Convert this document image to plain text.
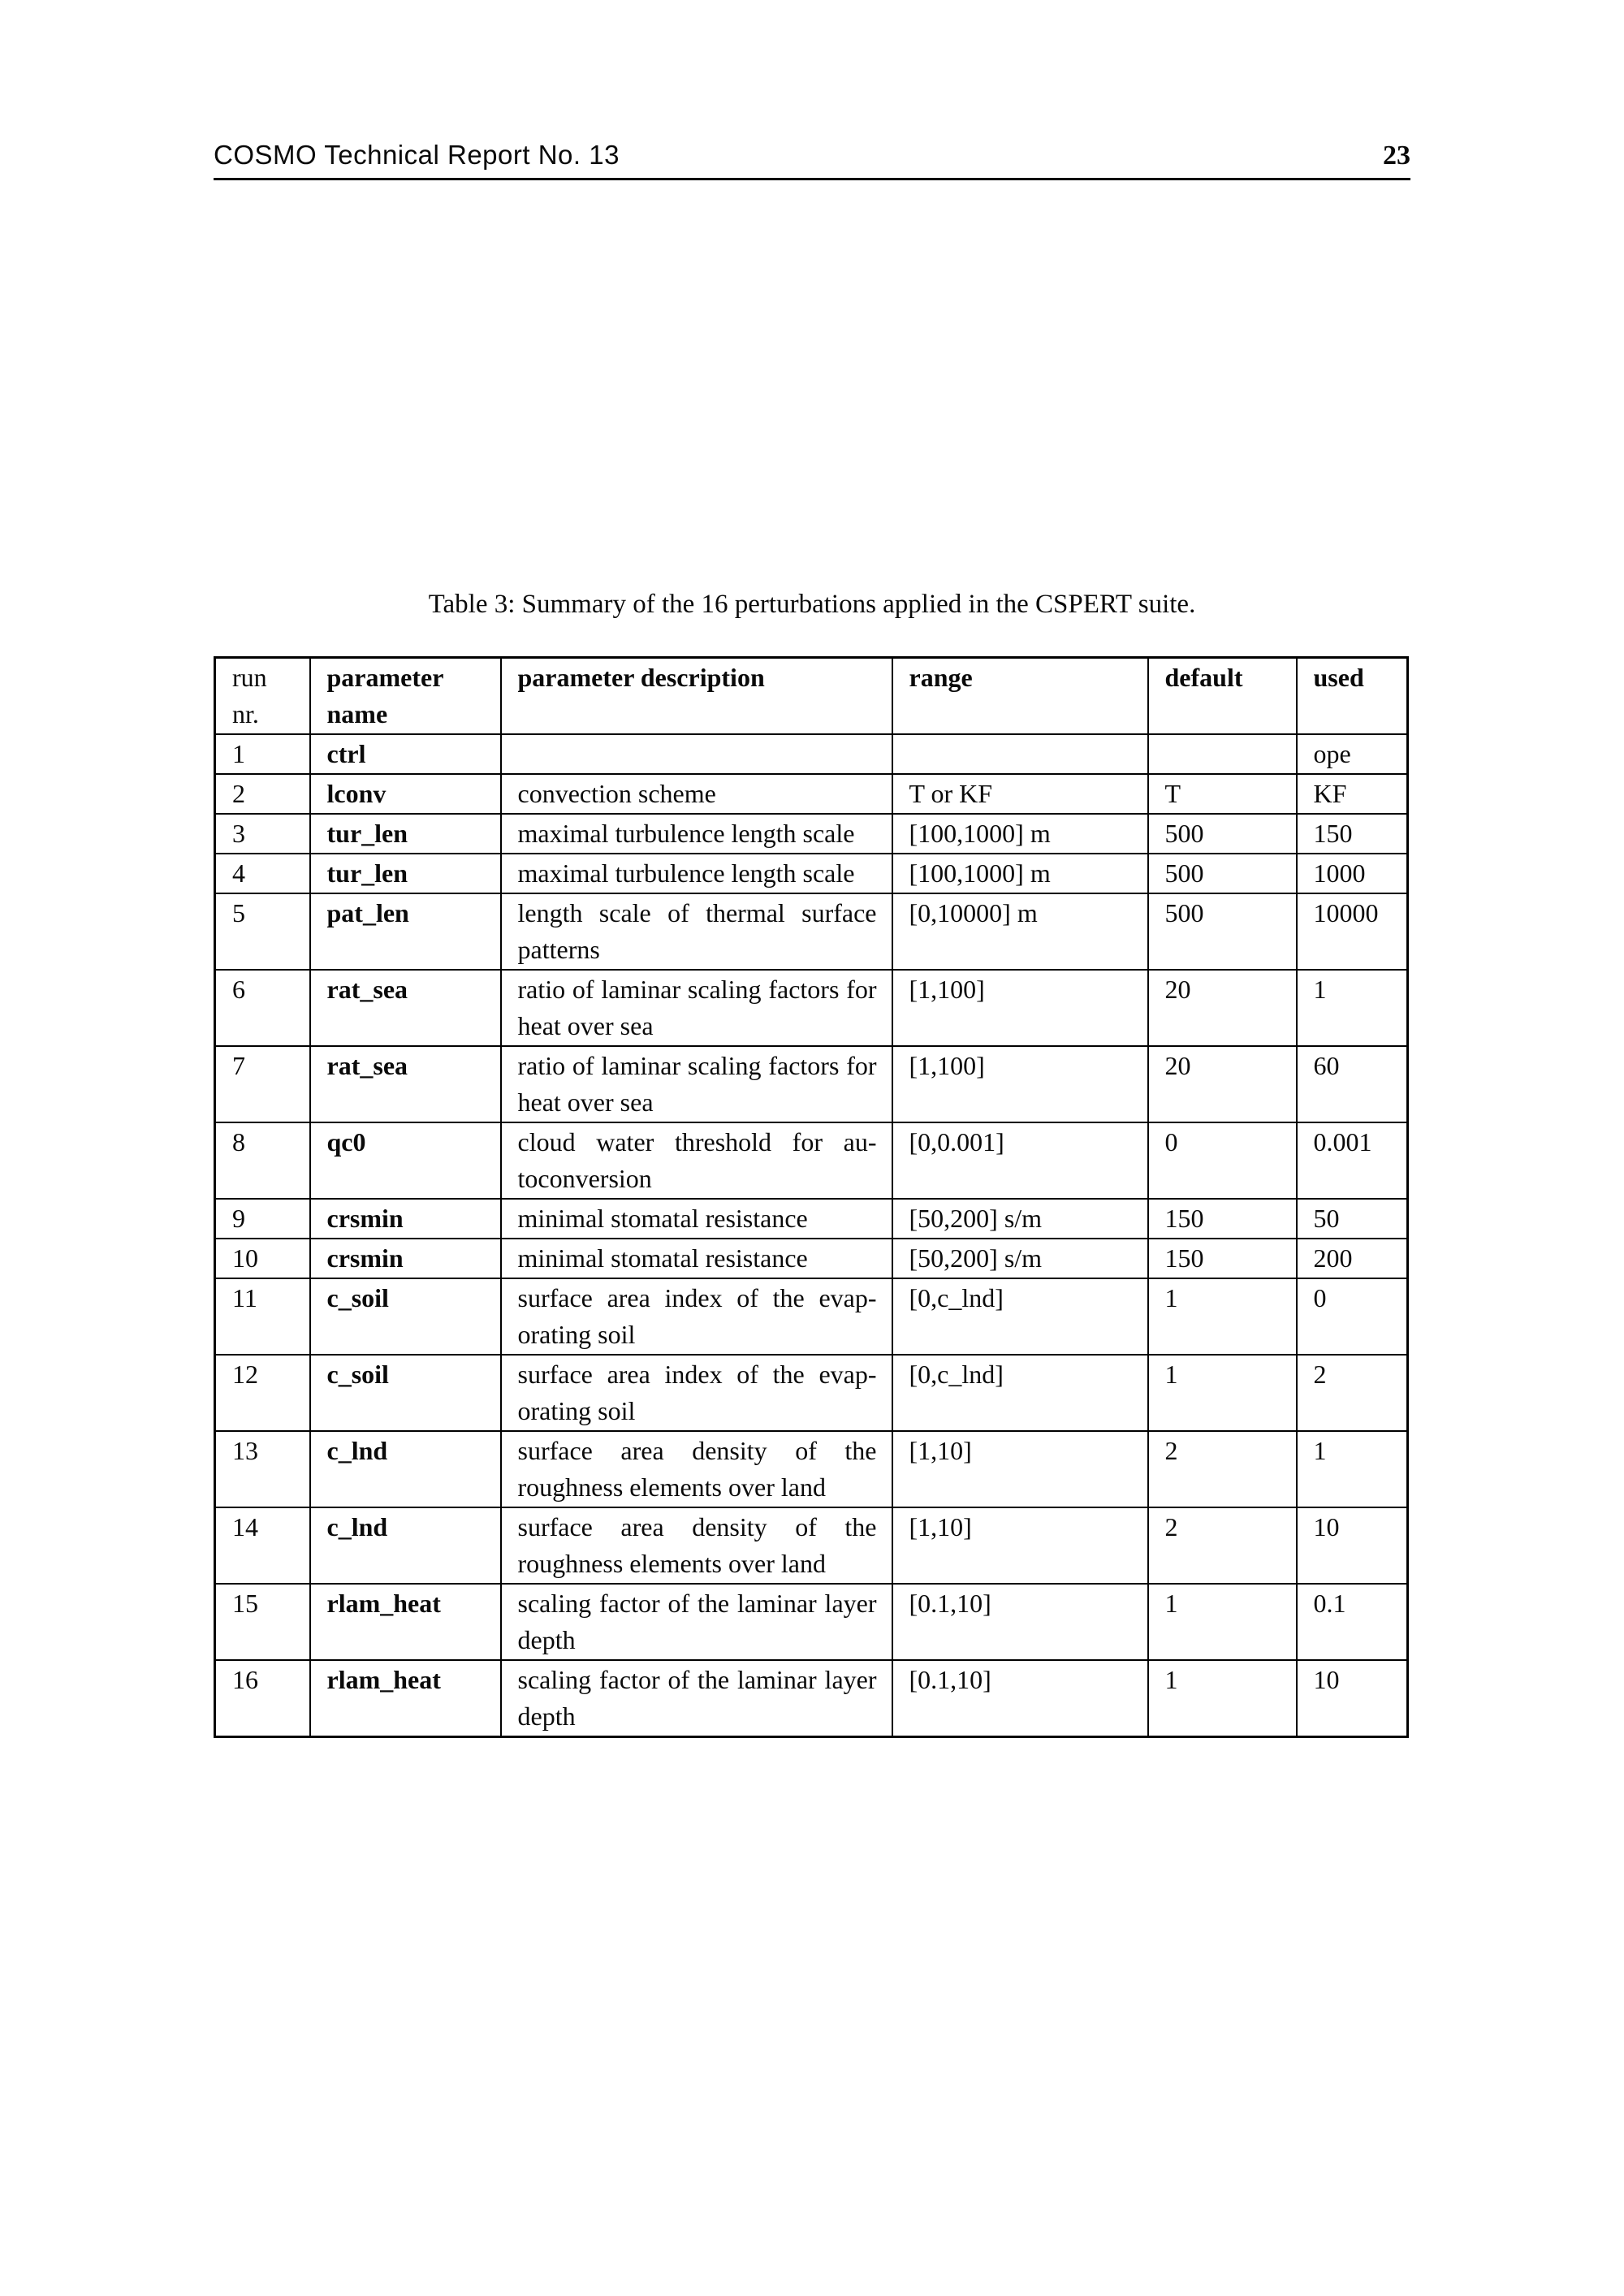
COSMO Technical Report No. 13	23
Table 3: Summary of the 16 perturbations applied in the CSPERT suite.
run nr.	parameter name	parameter description	range	default	used
1	ctrl				ope
2	lconv	convection scheme	T or KF	T	KF
3	tur_len	maximal turbulence length scale	[100,1000] m	500	150
4	tur_len	maximal turbulence length scale	[100,1000] m	500	1000
5	pat_len	length scale of thermal surface patterns	[0,10000] m	500	10000
6	rat_sea	ratio of laminar scaling factors for heat over sea	[1,100]	20	1
7	rat_sea	ratio of laminar scaling factors for heat over sea	[1,100]	20	60
8	qc0	cloud water threshold for autoconversion	[0,0.001]	0	0.001
9	crsmin	minimal stomatal resistance	[50,200] s/m	150	50
10	crsmin	minimal stomatal resistance	[50,200] s/m	150	200
11	c_soil	surface area index of the evaporating soil	[0,c_lnd]	1	0
12	c_soil	surface area index of the evaporating soil	[0,c_lnd]	1	2
13	c_lnd	surface area density of the roughness elements over land	[1,10]	2	1
14	c_lnd	surface area density of the roughness elements over land	[1,10]	2	10
15	rlam_heat	scaling factor of the laminar layer depth	[0.1,10]	1	0.1
16	rlam_heat	scaling factor of the laminar layer depth	[0.1,10]	1	10
